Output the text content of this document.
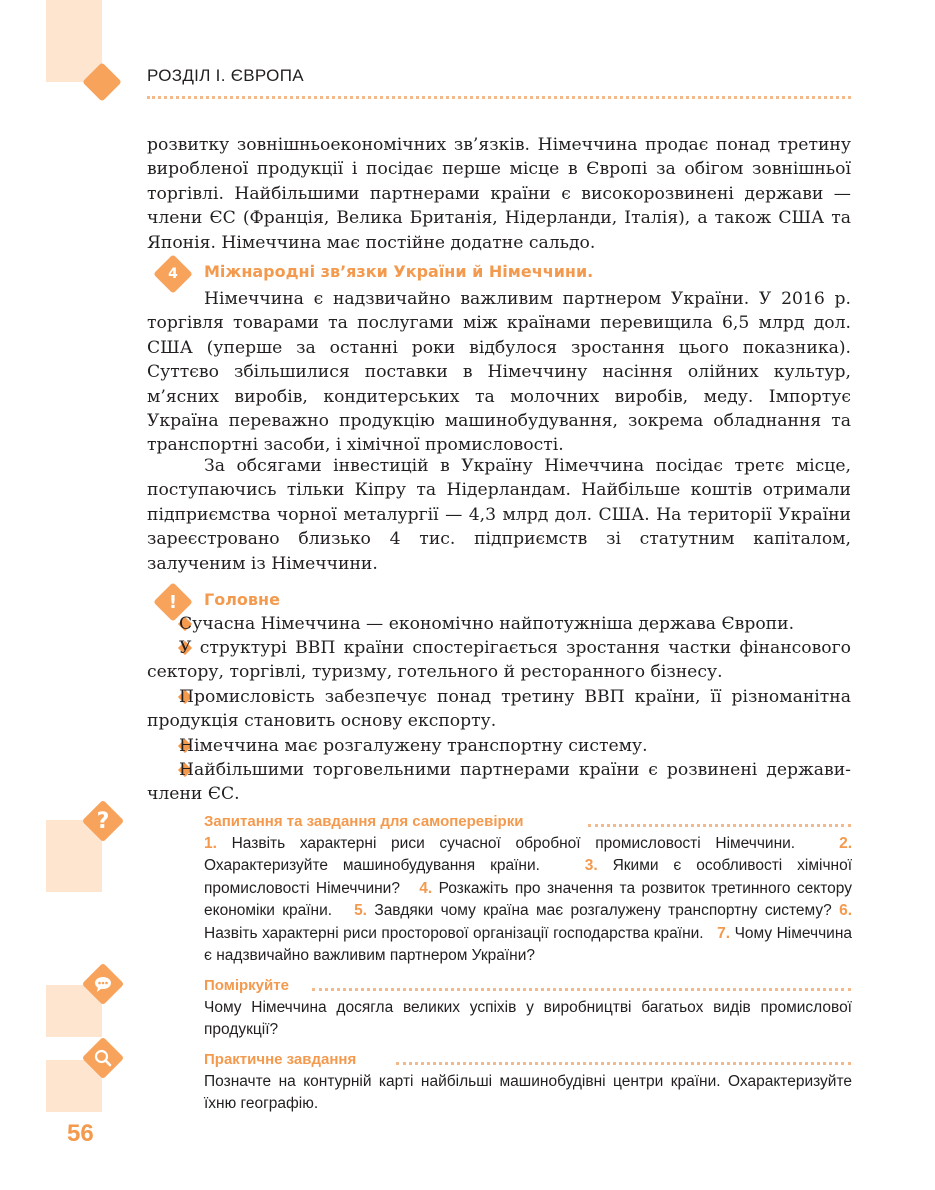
РОЗДІЛ І. ЄВРОПА

розвитку зовнішньоекономічних зв’язків. Німеччина продає понад третину виробленої продукції і посідає перше місце в Європі за обігом зовнішньої торгівлі. Найбільшими партнерами країни є високорозвинені держави — члени ЄС (Франція, Велика Британія, Нідерланди, Італія), а також США та Японія. Німеччина має постійне додатне сальдо.

4	Міжнародні зв’язки України й Німеччини.

Німеччина є надзвичайно важливим партнером України. У 2016 р. торгівля товарами та послугами між країнами перевищила 6,5 млрд дол. США (уперше за останні роки відбулося зростання цього показника). Суттєво збільшилися поставки в Німеччину насіння олійних культур, м’ясних виробів, кондитерських та молочних виробів, меду. Імпортує Україна переважно продукцію машинобудування, зокрема обладнання та транспортні засоби, і хімічної промисловості.

За обсягами інвестицій в Україну Німеччина посідає третє місце, поступаючись тільки Кіпру та Нідерландам. Найбільше коштів отримали підприємства чорної металургії — 4,3 млрд дол. США. На території України зареєстровано близько 4 тис. підприємств зі статутним капіталом, залученим із Німеччини.

!	Головне

Сучасна Німеччина — економічно найпотужніша держава Європи.

У структурі ВВП країни спостерігається зростання частки фінансового сектору, торгівлі, туризму, готельного й ресторанного бізнесу.

Промисловість забезпечує понад третину ВВП країни, її різноманітна продукція становить основу експорту.

Німеччина має розгалужену транспортну систему.

Найбільшими торговельними партнерами країни є розвинені держави-члени ЄС.

?	Запитання та завдання для самоперевірки

1. Назвіть характерні риси сучасної обробної промисловості Німеччини.	2. Охарактеризуйте машинобудування країни.	3. Якими є особливості хімічної промисловості Німеччини? 4. Розкажіть про значення та розвиток третинного сектору економіки країни. 5. Завдяки чому країна має розгалужену транспортну систему? 6. Назвіть характерні риси просторової організації господарства країни. 7. Чому Німеччина є надзвичайно важливим партнером України?

Поміркуйте

Чому Німеччина досягла великих успіхів у виробництві багатьох видів промислової продукції?

Практичне завдання

Позначте на контурній карті найбільші машинобудівні центри країни. Охарактеризуйте їхню географію.

56
